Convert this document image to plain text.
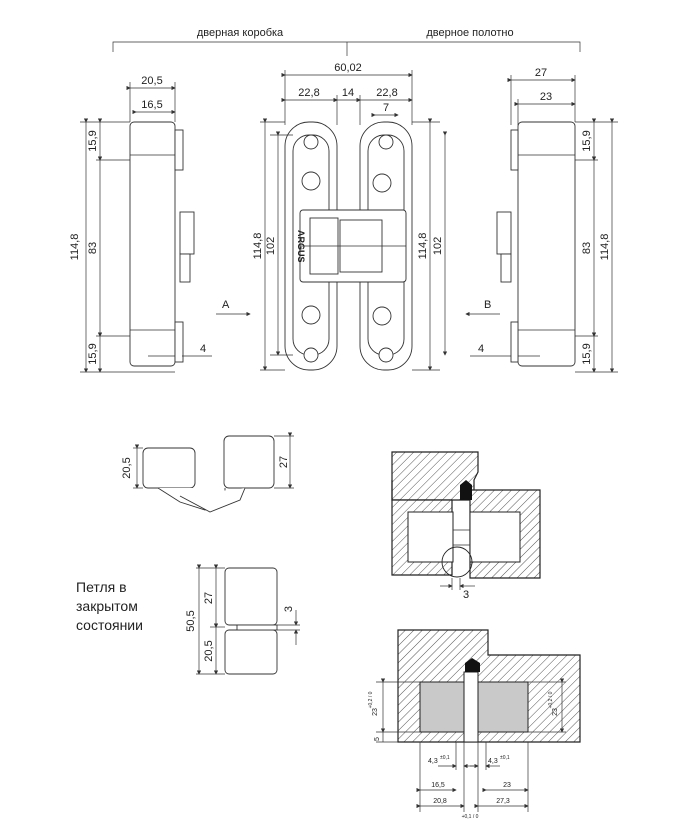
дверная коробка	дверное полотно
20,5
16,5
114,8
15,9
83
15,9	4
A
60,02
22,8 14 22,8
7
114,8 102	114,8 102
ARGUS
B
27
23
15,9
83
15,9
114,8
4
20,5	27
50,5
27
20,5
3
3
23
+0,2 / 0
5
23
+0,2 / 0
4,3 ±0,1	4,3 ±0,1
16,5	23
20,8	27,3
+0,1 / 0
Петля в
закрытом
состоянии
